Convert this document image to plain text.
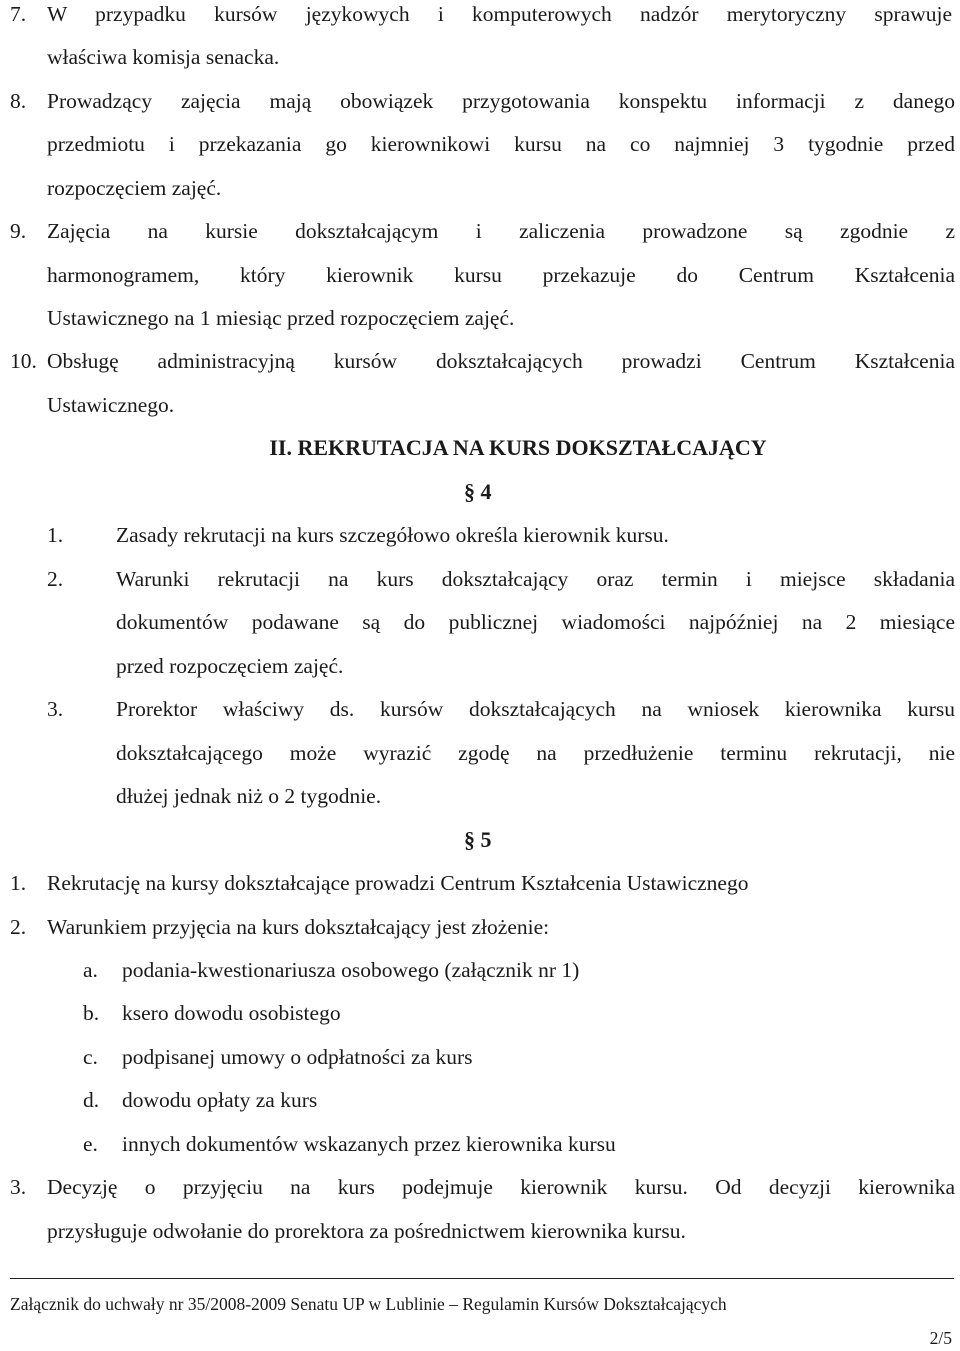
7. W przypadku kursów językowych i komputerowych nadzór merytoryczny sprawuje
właściwa komisja senacka.
8. Prowadzący zajęcia mają obowiązek przygotowania konspektu informacji z danego
przedmiotu i przekazania go kierownikowi kursu na co najmniej 3 tygodnie przed
rozpoczęciem zajęć.
9. Zajęcia na kursie dokształcającym i zaliczenia prowadzone są zgodnie z
harmonogramem, który kierownik kursu przekazuje do Centrum Kształcenia
Ustawicznego na 1 miesiąc przed rozpoczęciem zajęć.
10. Obsługę administracyjną kursów dokształcających prowadzi Centrum Kształcenia
Ustawicznego.
II. REKRUTACJA NA KURS DOKSZTAŁCAJĄCY
§ 4
1. Zasady rekrutacji na kurs szczegółowo określa kierownik kursu.
2. Warunki rekrutacji na kurs dokształcający oraz termin i miejsce składania
dokumentów podawane są do publicznej wiadomości najpóźniej na 2 miesiące
przed rozpoczęciem zajęć.
3. Prorektor właściwy ds. kursów dokształcających na wniosek kierownika kursu
dokształcającego może wyrazić zgodę na przedłużenie terminu rekrutacji, nie
dłużej jednak niż o 2 tygodnie.
§ 5
1. Rekrutację na kursy dokształcające prowadzi Centrum Kształcenia Ustawicznego
2. Warunkiem przyjęcia na kurs dokształcający jest złożenie:
a. podania-kwestionariusza osobowego (załącznik nr 1)
b. ksero dowodu osobistego
c. podpisanej umowy o odpłatności za kurs
d. dowodu opłaty za kurs
e. innych dokumentów wskazanych przez kierownika kursu
3. Decyzję o przyjęciu na kurs podejmuje kierownik kursu. Od decyzji kierownika
przysługuje odwołanie do prorektora za pośrednictwem kierownika kursu.
Załącznik do uchwały nr 35/2008-2009 Senatu UP w Lublinie – Regulamin Kursów Dokształcających
2/5
